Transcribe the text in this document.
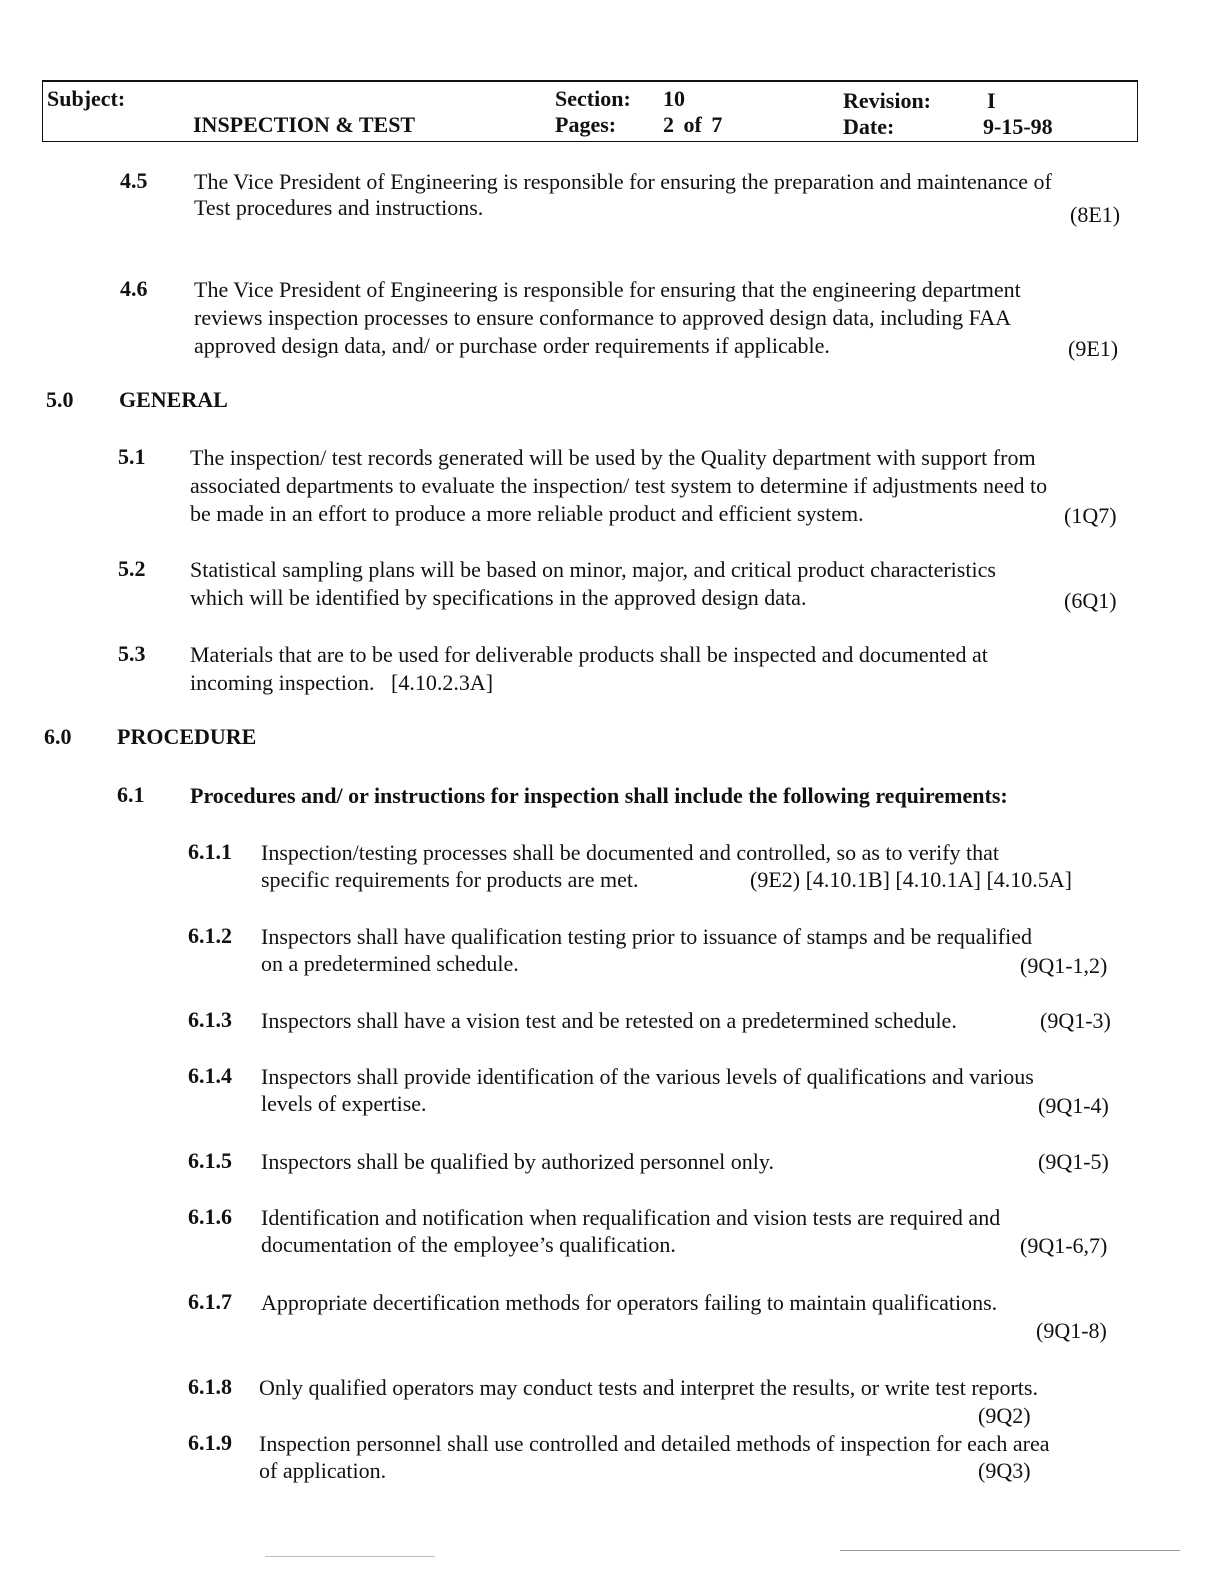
Subject:
INSPECTION & TEST
Section: 10
Pages: 2 of 7
Revision:	I
Date:	9-15-98
4.5 The Vice President of Engineering is responsible for ensuring the preparation and maintenance of
Test procedures and instructions.	(8E1)
4.6 The Vice President of Engineering is responsible for ensuring that the engineering department
reviews inspection processes to ensure conformance to approved design data, including FAA
approved design data, and/ or purchase order requirements if applicable.	(9E1)
5.0 GENERAL
5.1 The inspection/ test records generated will be used by the Quality department with support from
associated departments to evaluate the inspection/ test system to determine if adjustments need to
be made in an effort to produce a more reliable product and efficient system.	(1Q7)
5.2 Statistical sampling plans will be based on minor, major, and critical product characteristics
which will be identified by specifications in the approved design data.	(6Q1)
5.3 Materials that are to be used for deliverable products shall be inspected and documented at
incoming inspection.   [4.10.2.3A]
6.0 PROCEDURE
6.1 Procedures and/ or instructions for inspection shall include the following requirements:
6.1.1 Inspection/testing processes shall be documented and controlled, so as to verify that
specific requirements for products are met.	(9E2) [4.10.1B] [4.10.1A] [4.10.5A]
6.1.2 Inspectors shall have qualification testing prior to issuance of stamps and be requalified
on a predetermined schedule.	(9Q1-1,2)
6.1.3 Inspectors shall have a vision test and be retested on a predetermined schedule.	(9Q1-3)
6.1.4 Inspectors shall provide identification of the various levels of qualifications and various
levels of expertise.	(9Q1-4)
6.1.5 Inspectors shall be qualified by authorized personnel only.	(9Q1-5)
6.1.6 Identification and notification when requalification and vision tests are required and
documentation of the employee’s qualification.	(9Q1-6,7)
6.1.7 Appropriate decertification methods for operators failing to maintain qualifications.
(9Q1-8)
6.1.8 Only qualified operators may conduct tests and interpret the results, or write test reports.
(9Q2)
6.1.9 Inspection personnel shall use controlled and detailed methods of inspection for each area
of application.	(9Q3)
